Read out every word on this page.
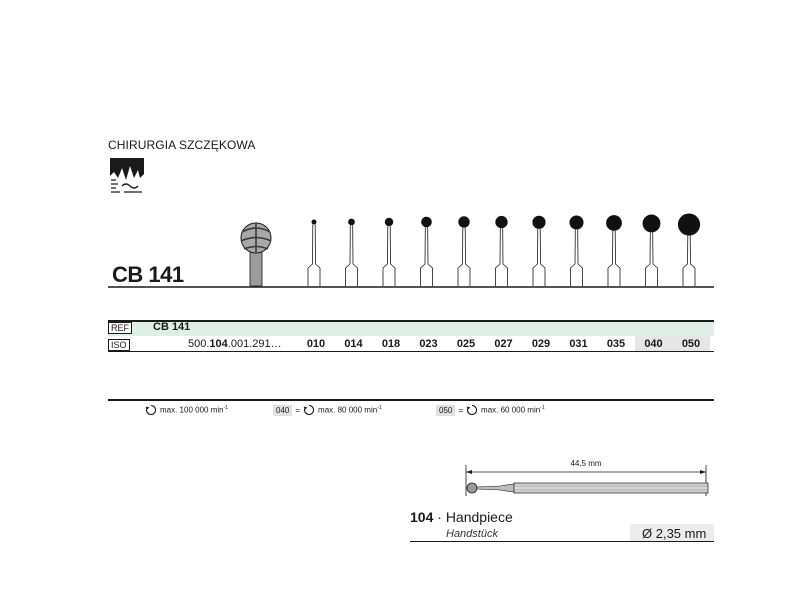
CHIRURGIA SZCZĘKOWA
CB 141
REF CB 141
ISO	500.104.001.291…	010	014	018	023	025	027	029	031	035	040	050
max. 100 000 $\min^{-1}$	040 = max. 80 000 $\min^{-1}$	050 = max. 60 000 $\min^{-1}$
44,5 mm
104 · Handpiece
Handstück	Ø 2,35 mm
